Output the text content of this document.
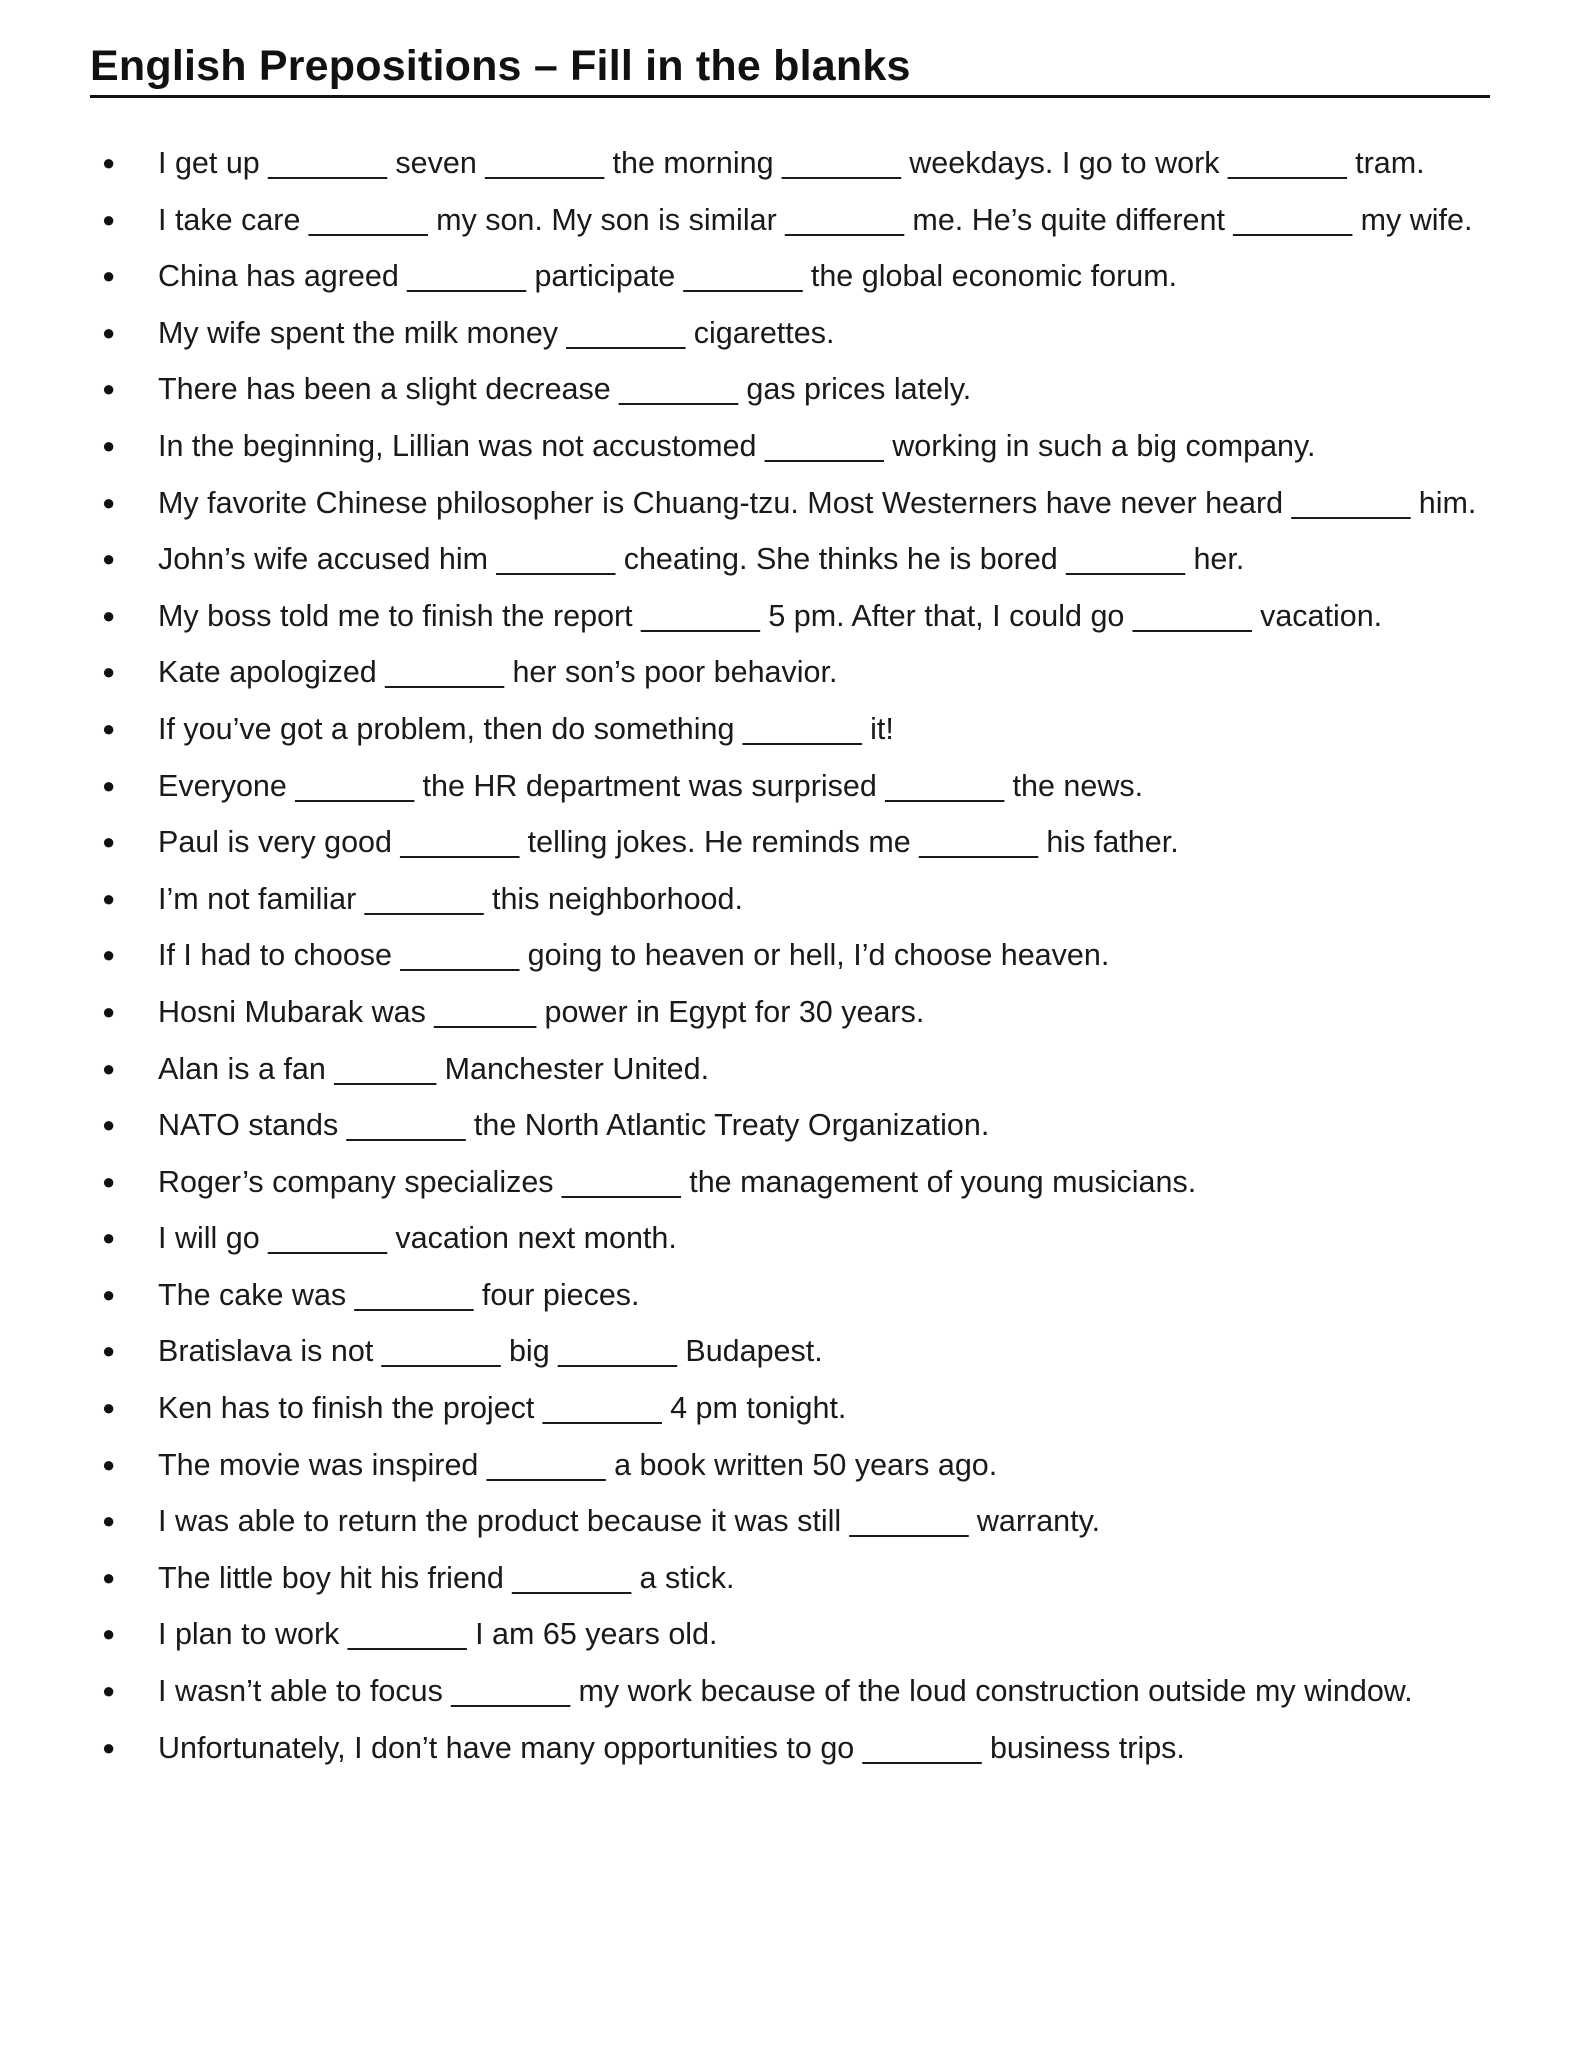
English Prepositions – Fill in the blanks
● I get up _______ seven _______ the morning _______ weekdays. I go to work _______ tram.
● I take care _______ my son. My son is similar _______ me. He’s quite different _______ my wife.
● China has agreed _______ participate _______ the global economic forum.
● My wife spent the milk money _______ cigarettes.
● There has been a slight decrease _______ gas prices lately.
● In the beginning, Lillian was not accustomed _______ working in such a big company.
● My favorite Chinese philosopher is Chuang-tzu. Most Westerners have never heard _______ him.
● John’s wife accused him _______ cheating. She thinks he is bored _______ her.
● My boss told me to finish the report _______ 5 pm. After that, I could go _______ vacation.
● Kate apologized _______ her son’s poor behavior.
● If you’ve got a problem, then do something _______ it!
● Everyone _______ the HR department was surprised _______ the news.
● Paul is very good _______ telling jokes. He reminds me _______ his father.
● I’m not familiar _______ this neighborhood.
● If I had to choose _______ going to heaven or hell, I’d choose heaven.
● Hosni Mubarak was ______ power in Egypt for 30 years.
● Alan is a fan ______ Manchester United.
● NATO stands _______ the North Atlantic Treaty Organization.
● Roger’s company specializes _______ the management of young musicians.
● I will go _______ vacation next month.
● The cake was _______ four pieces.
● Bratislava is not _______ big _______ Budapest.
● Ken has to finish the project _______ 4 pm tonight.
● The movie was inspired _______ a book written 50 years ago.
● I was able to return the product because it was still _______ warranty.
● The little boy hit his friend _______ a stick.
● I plan to work _______ I am 65 years old.
● I wasn’t able to focus _______ my work because of the loud construction outside my window.
● Unfortunately, I don’t have many opportunities to go _______ business trips.
